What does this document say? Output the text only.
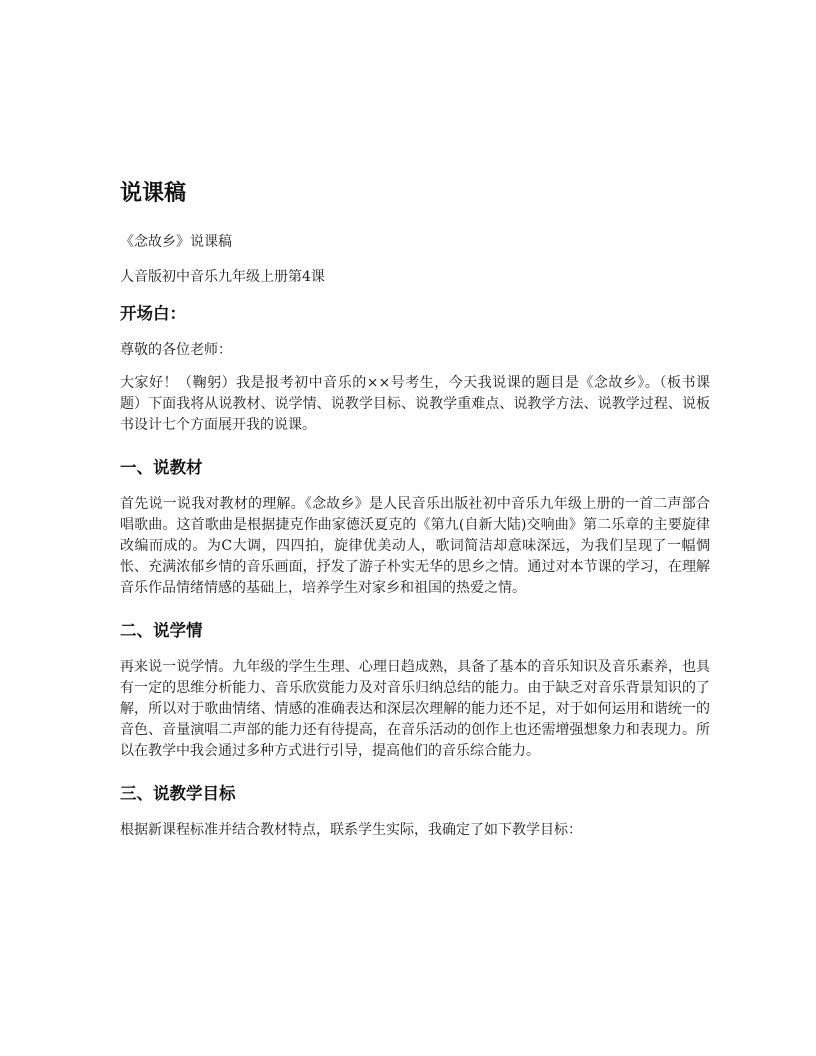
说课稿

《念故乡》说课稿

人音版初中音乐九年级上册第4课

开场白：

尊敬的各位老师：

大家好！（鞠躬）我是报考初中音乐的××号考生，今天我说课的题目是《念故乡》。（板书课题）下面我将从说教材、说学情、说教学目标、说教学重难点、说教学方法、说教学过程、说板书设计七个方面展开我的说课。

一、说教材

首先说一说我对教材的理解。《念故乡》是人民音乐出版社初中音乐九年级上册的一首二声部合唱歌曲。这首歌曲是根据捷克作曲家德沃夏克的《第九(自新大陆)交响曲》第二乐章的主要旋律改编而成的。为C大调，四四拍，旋律优美动人，歌词简洁却意味深远，为我们呈现了一幅惆怅、充满浓郁乡情的音乐画面，抒发了游子朴实无华的思乡之情。通过对本节课的学习，在理解音乐作品情绪情感的基础上，培养学生对家乡和祖国的热爱之情。

二、说学情

再来说一说学情。九年级的学生生理、心理日趋成熟，具备了基本的音乐知识及音乐素养，也具有一定的思维分析能力、音乐欣赏能力及对音乐归纳总结的能力。由于缺乏对音乐背景知识的了解，所以对于歌曲情绪、情感的准确表达和深层次理解的能力还不足，对于如何运用和谐统一的音色、音量演唱二声部的能力还有待提高，在音乐活动的创作上也还需增强想象力和表现力。所以在教学中我会通过多种方式进行引导，提高他们的音乐综合能力。

三、说教学目标

根据新课程标准并结合教材特点，联系学生实际，我确定了如下教学目标：
